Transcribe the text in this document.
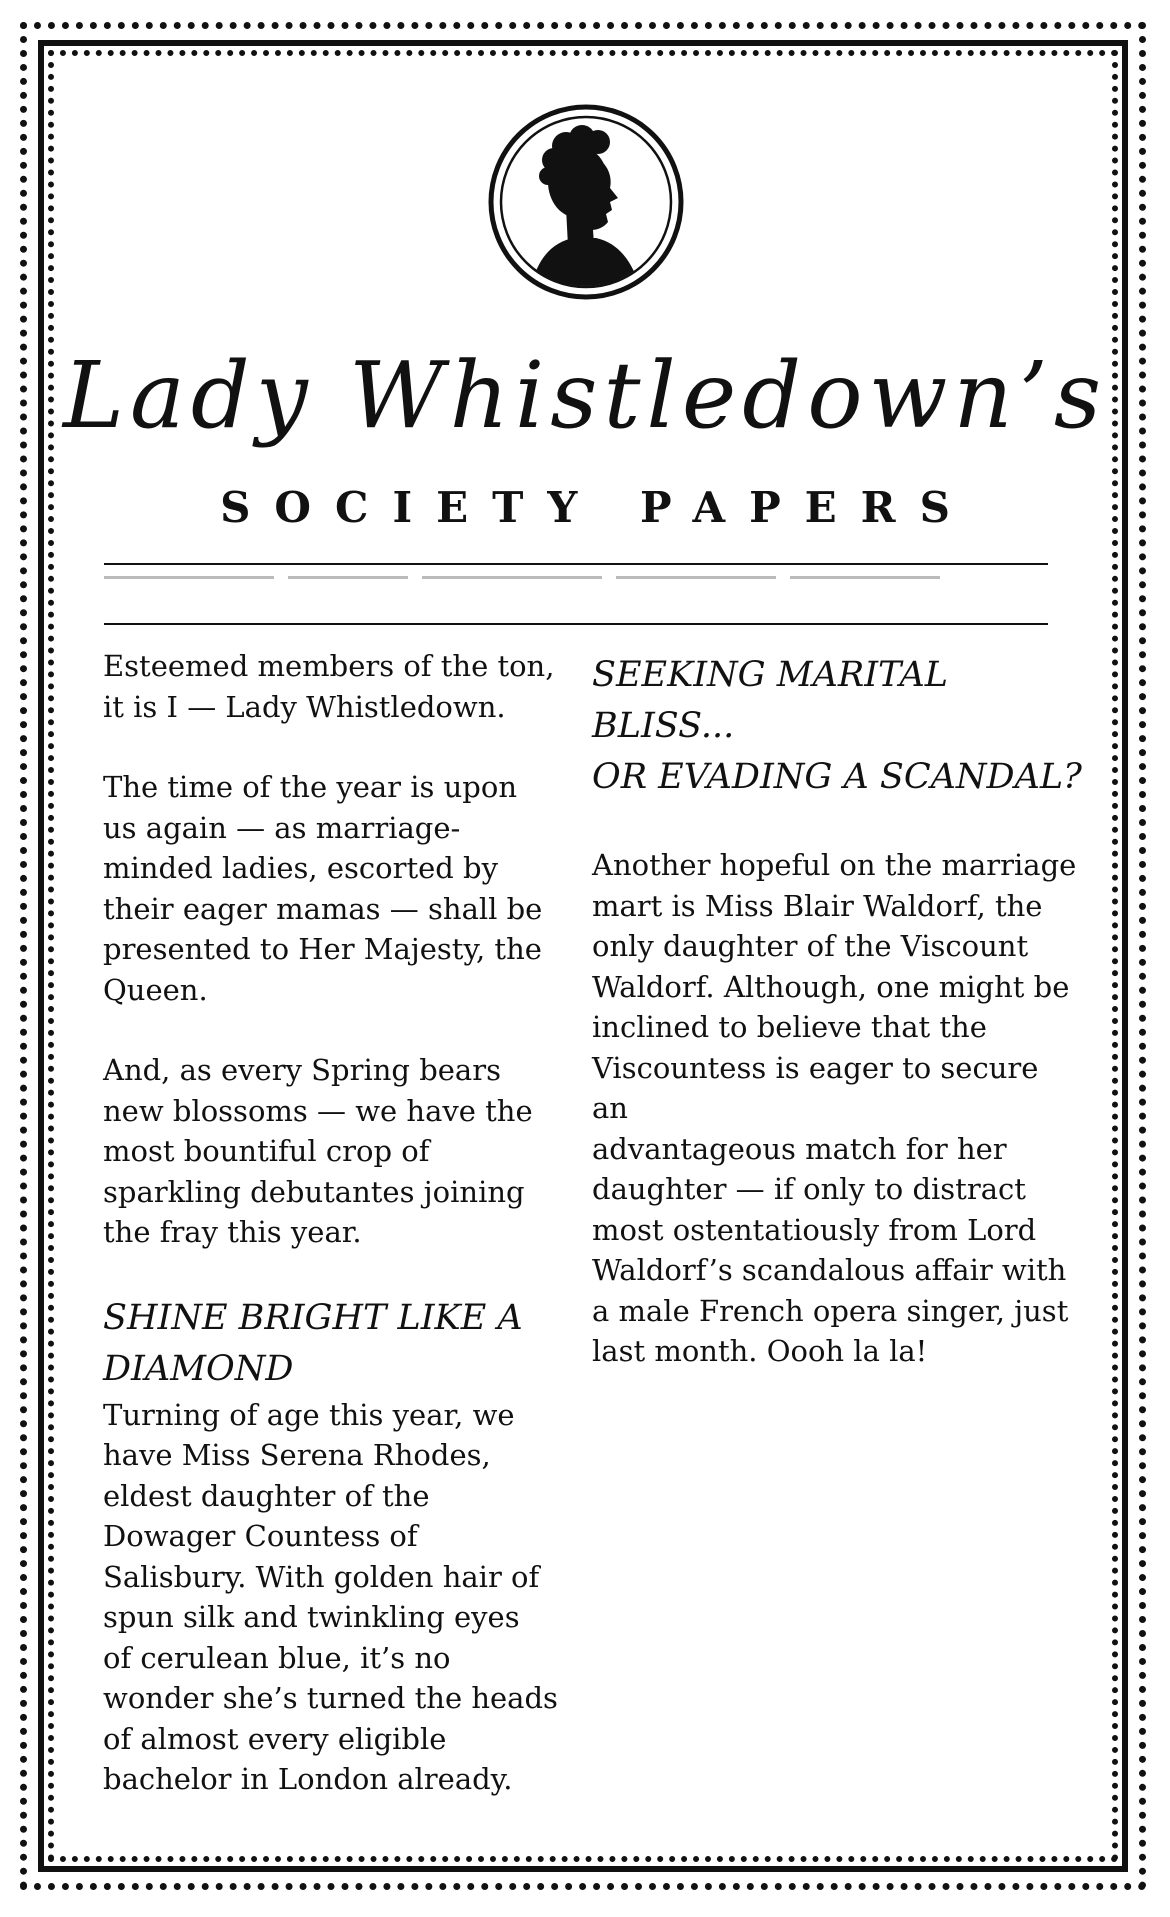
Lady Whistledown’s
SOCIETY PAPERS

Esteemed members of the ton,
it is I — Lady Whistledown.

The time of the year is upon
us again — as marriage-
minded ladies, escorted by
their eager mamas — shall be
presented to Her Majesty, the
Queen.

And, as every Spring bears
new blossoms — we have the
most bountiful crop of
sparkling debutantes joining
the fray this year.

SHINE BRIGHT LIKE A
DIAMOND

Turning of age this year, we
have Miss Serena Rhodes,
eldest daughter of the
Dowager Countess of
Salisbury. With golden hair of
spun silk and twinkling eyes
of cerulean blue, it’s no
wonder she’s turned the heads
of almost every eligible
bachelor in London already.

SEEKING MARITAL BLISS...
OR EVADING A SCANDAL?

Another hopeful on the marriage
mart is Miss Blair Waldorf, the
only daughter of the Viscount
Waldorf. Although, one might be
inclined to believe that the
Viscountess is eager to secure an
advantageous match for her
daughter — if only to distract
most ostentatiously from Lord
Waldorf’s scandalous affair with
a male French opera singer, just
last month. Oooh la la!
